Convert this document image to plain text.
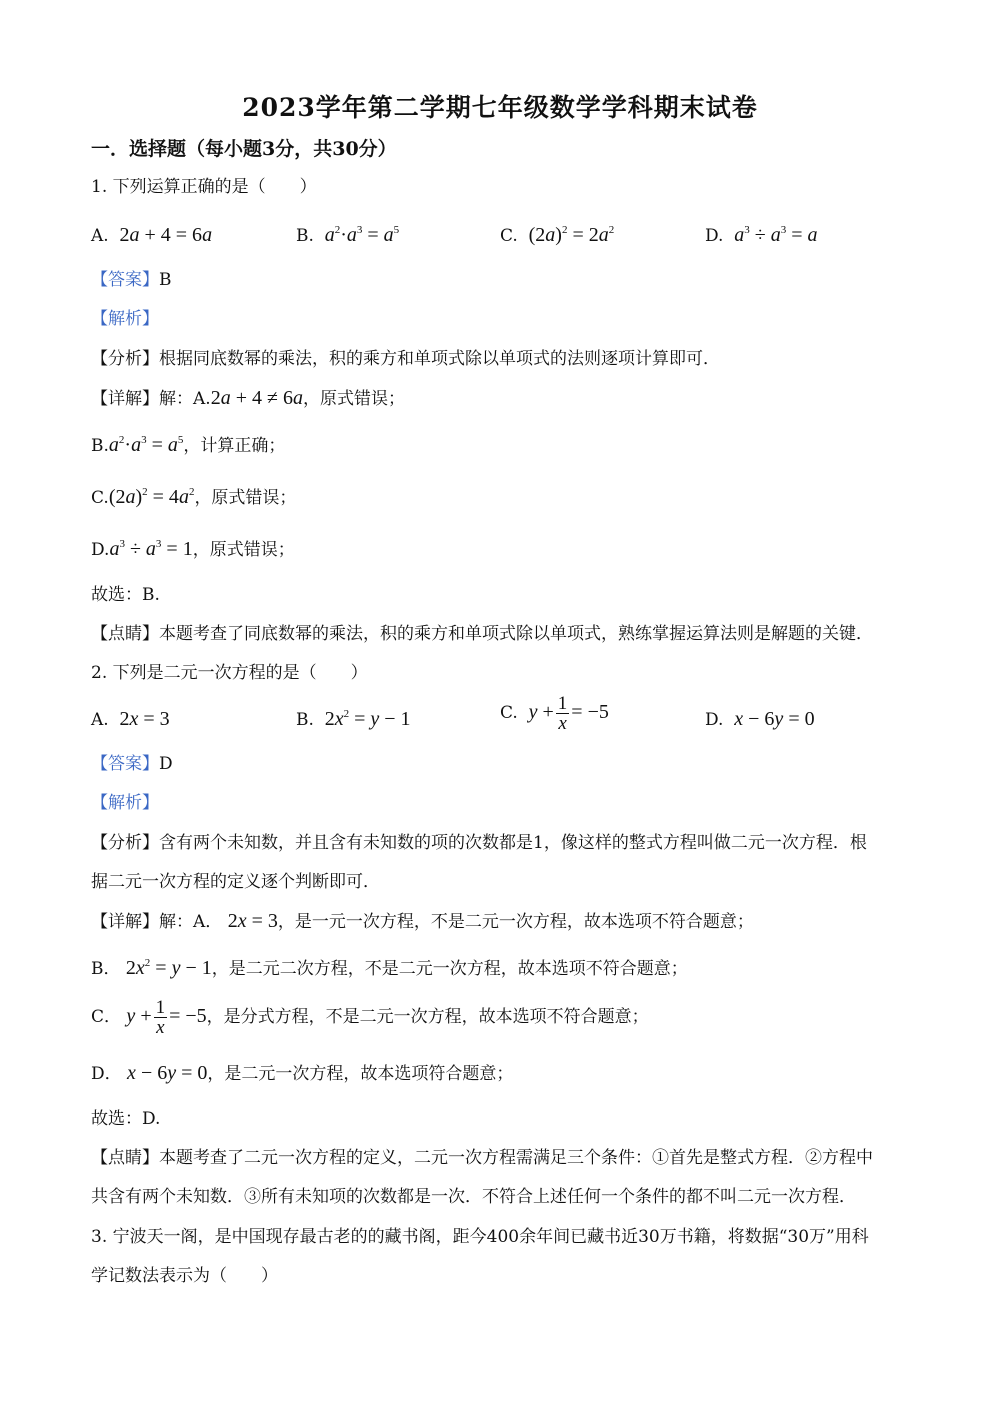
2023学年第二学期七年级数学学科期末试卷
一．选择题（每小题3分，共30分）
1. 下列运算正确的是（　　）
A. 2a + 4 = 6a	B. $a^2\cdot a^3 = a^5$	C. $(2a)^2 = 2a^2$	D. $a^3 \div a^3 = a$
【答案】B
【解析】
【分析】根据同底数幂的乘法，积的乘方和单项式除以单项式的法则逐项计算即可．
【详解】解：A.2a + 4 ≠ 6a，原式错误；
$B.a^2\cdot a^3 = a^5$，计算正确；
$C.(2a)^2 = 4a^2$，原式错误；
$D.a^3 \div a^3 = 1$，原式错误；
故选：B.
【点睛】本题考查了同底数幂的乘法，积的乘方和单项式除以单项式，熟练掌握运算法则是解题的关键．
2. 下列是二元一次方程的是（　　）
A. 2x = 3	B. $2x^2 = y - 1$	C. $y + \frac{1}{x} = -5$	D. x − 6y = 0
【答案】D
【解析】
【分析】含有两个未知数，并且含有未知数的项的次数都是1，像这样的整式方程叫做二元一次方程．根
据二元一次方程的定义逐个判断即可．
【详解】解：A． 2x = 3，是一元一次方程，不是二元一次方程，故本选项不符合题意；
B． $2x^2 = y - 1$，是二元二次方程，不是二元一次方程，故本选项不符合题意；
C． $y + \frac{1}{x} = -5$，是分式方程，不是二元一次方程，故本选项不符合题意；
D． x − 6y = 0，是二元一次方程，故本选项符合题意；
故选：D.
【点睛】本题考查了二元一次方程的定义，二元一次方程需满足三个条件：①首先是整式方程．②方程中
共含有两个未知数．③所有未知项的次数都是一次．不符合上述任何一个条件的都不叫二元一次方程．
3. 宁波天一阁，是中国现存最古老的的藏书阁，距今400余年间已藏书近30万书籍，将数据“30万”用科
学记数法表示为（　　）
